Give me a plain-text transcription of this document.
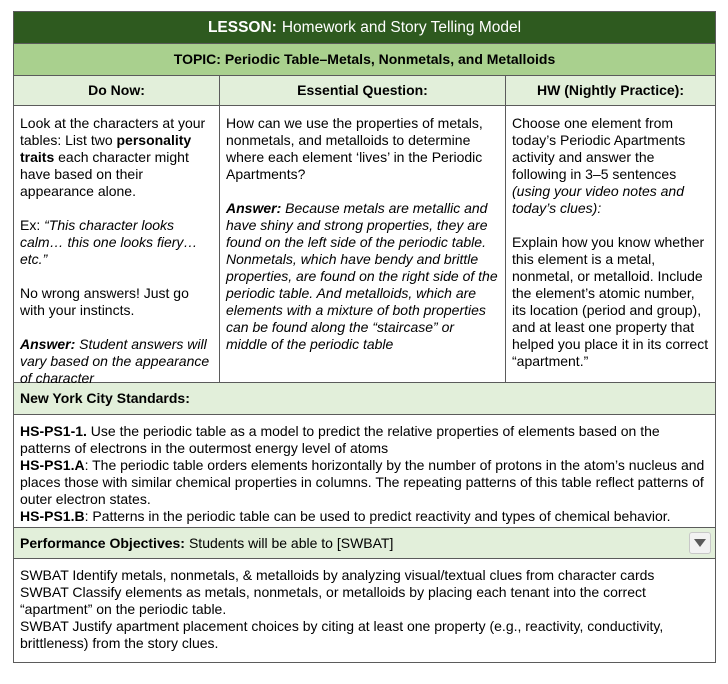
LESSON: Homework and Story Telling Model
TOPIC: Periodic Table–Metals, Nonmetals, and Metalloids
Do Now:	Essential Question:	HW (Nightly Practice):

Look at the characters at your tables: List two personality traits each character might have based on their appearance alone.

Ex: “This character looks calm… this one looks fiery… etc.”

No wrong answers! Just go with your instincts.

Answer: Student answers will vary based on the appearance of character

How can we use the properties of metals, nonmetals, and metalloids to determine where each element ‘lives’ in the Periodic Apartments?

Answer: Because metals are metallic and have shiny and strong properties, they are found on the left side of the periodic table. Nonmetals, which have bendy and brittle properties, are found on the right side of the periodic table. And metalloids, which are elements with a mixture of both properties can be found along the “staircase” or middle of the periodic table

Choose one element from today’s Periodic Apartments activity and answer the following in 3–5 sentences (using your video notes and today’s clues):

Explain how you know whether this element is a metal, nonmetal, or metalloid. Include the element’s atomic number, its location (period and group), and at least one property that helped you place it in its correct “apartment.”

New York City Standards:
HS-PS1-1. Use the periodic table as a model to predict the relative properties of elements based on the patterns of electrons in the outermost energy level of atoms
HS-PS1.A: The periodic table orders elements horizontally by the number of protons in the atom’s nucleus and places those with similar chemical properties in columns. The repeating patterns of this table reflect patterns of outer electron states.
HS-PS1.B: Patterns in the periodic table can be used to predict reactivity and types of chemical behavior.
Performance Objectives: Students will be able to [SWBAT]
SWBAT Identify metals, nonmetals, & metalloids by analyzing visual/textual clues from character cards
SWBAT Classify elements as metals, nonmetals, or metalloids by placing each tenant into the correct “apartment” on the periodic table.
SWBAT Justify apartment placement choices by citing at least one property (e.g., reactivity, conductivity, brittleness) from the story clues.
